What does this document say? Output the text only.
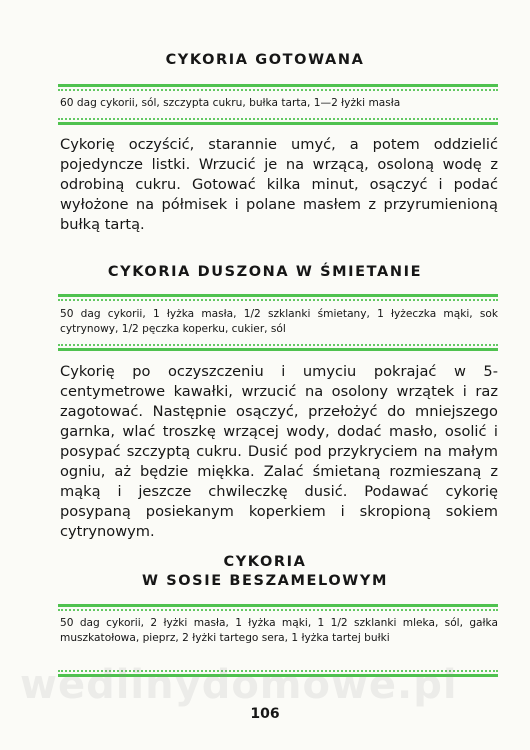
CYKORIA GOTOWANA
60 dag cykorii, sól, szczypta cukru, bułka tarta, 1—2 łyżki masła
Cykorię oczyścić, starannie umyć, a potem oddzielić pojedyncze listki. Wrzucić je na wrzącą, osoloną wodę z odrobiną cukru. Gotować kilka minut, osączyć i podać wyłożone na półmisek i polane masłem z przyrumienioną bułką tartą.
CYKORIA DUSZONA W ŚMIETANIE
50 dag cykorii, 1 łyżka masła, 1/2 szklanki śmietany, 1 łyżeczka mąki, sok cytrynowy, 1/2 pęczka koperku, cukier, sól
Cykorię po oczyszczeniu i umyciu pokrajać w 5-centymetrowe kawałki, wrzucić na osolony wrzątek i raz zagotować. Następnie osączyć, przełożyć do mniejszego garnka, wlać troszkę wrzącej wody, dodać masło, osolić i posypać szczyptą cukru. Dusić pod przykryciem na małym ogniu, aż będzie miękka. Zalać śmietaną rozmieszaną z mąką i jeszcze chwileczkę dusić. Podawać cykorię posypaną posiekanym koperkiem i skropioną sokiem cytrynowym.
CYKORIA
W SOSIE BESZAMELOWYM
50 dag cykorii, 2 łyżki masła, 1 łyżka mąki, 1 1/2 szklanki mleka, sól, gałka muszkatołowa, pieprz, 2 łyżki tartego sera, 1 łyżka tartej bułki
wedlinydomowe.pl
106
